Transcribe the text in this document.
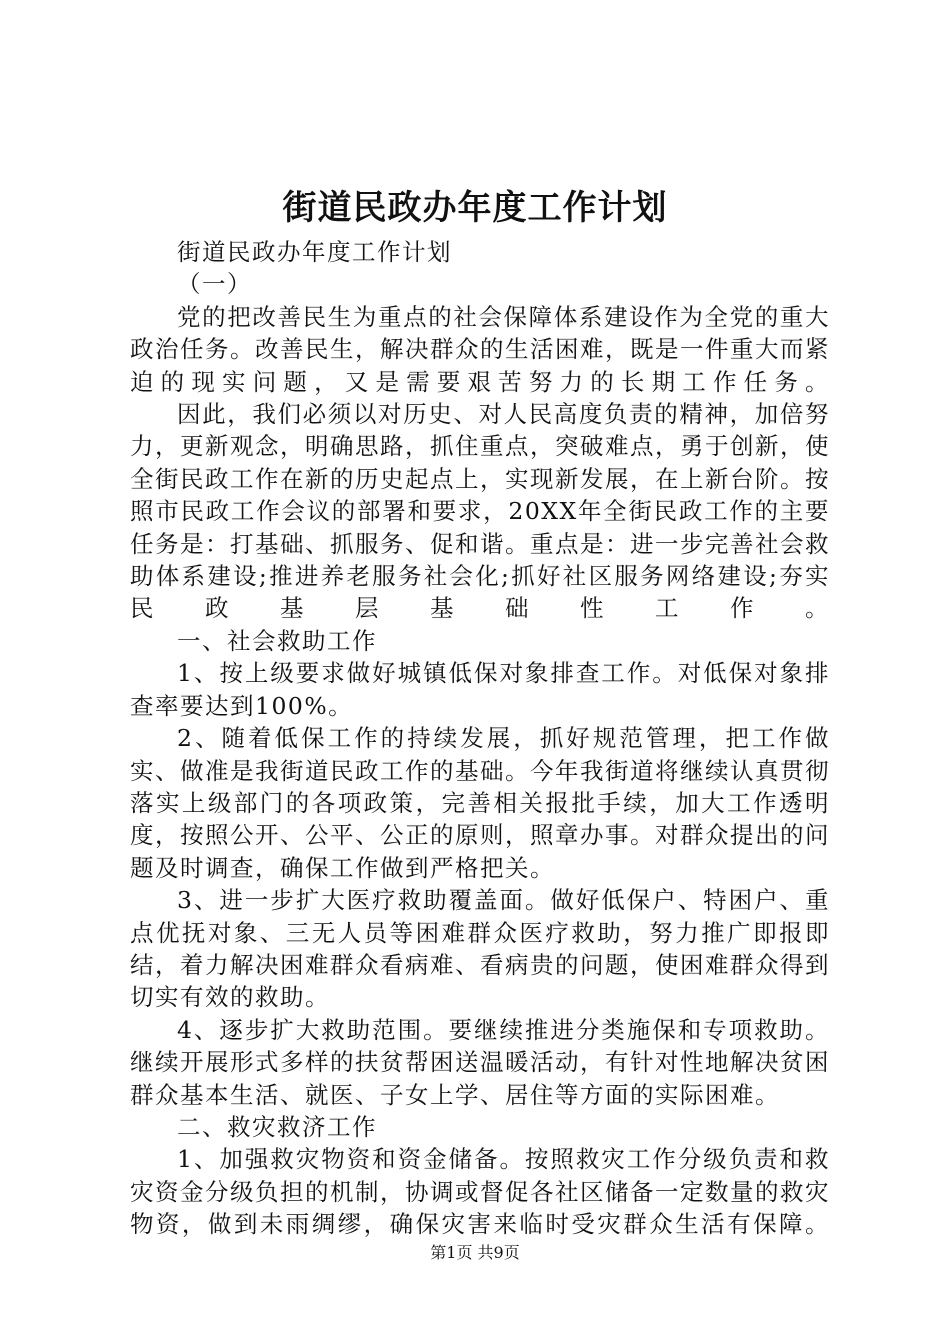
街道民政办年度工作计划

街道民政办年度工作计划

（一）

党的把改善民生为重点的社会保障体系建设作为全党的重大政治任务。改善民生，解决群众的生活困难，既是一件重大而紧迫的现实问题，又是需要艰苦努力的长期工作任务。

因此，我们必须以对历史、对人民高度负责的精神，加倍努力，更新观念，明确思路，抓住重点，突破难点，勇于创新，使全街民政工作在新的历史起点上，实现新发展，在上新台阶。按照市民政工作会议的部署和要求，20XX年全街民政工作的主要任务是：打基础、抓服务、促和谐。重点是：进一步完善社会救助体系建设;推进养老服务社会化;抓好社区服务网络建设;夯实民政基层基础性工作。

一、社会救助工作

1、按上级要求做好城镇低保对象排查工作。对低保对象排查率要达到100%。

2、随着低保工作的持续发展，抓好规范管理，把工作做实、做准是我街道民政工作的基础。今年我街道将继续认真贯彻落实上级部门的各项政策，完善相关报批手续，加大工作透明度，按照公开、公平、公正的原则，照章办事。对群众提出的问题及时调查，确保工作做到严格把关。

3、进一步扩大医疗救助覆盖面。做好低保户、特困户、重点优抚对象、三无人员等困难群众医疗救助，努力推广即报即结，着力解决困难群众看病难、看病贵的问题，使困难群众得到切实有效的救助。

4、逐步扩大救助范围。要继续推进分类施保和专项救助。继续开展形式多样的扶贫帮困送温暖活动，有针对性地解决贫困群众基本生活、就医、子女上学、居住等方面的实际困难。

二、救灾救济工作

1、加强救灾物资和资金储备。按照救灾工作分级负责和救灾资金分级负担的机制，协调或督促各社区储备一定数量的救灾物资，做到未雨绸缪，确保灾害来临时受灾群众生活有保障。

第1页 共9页
